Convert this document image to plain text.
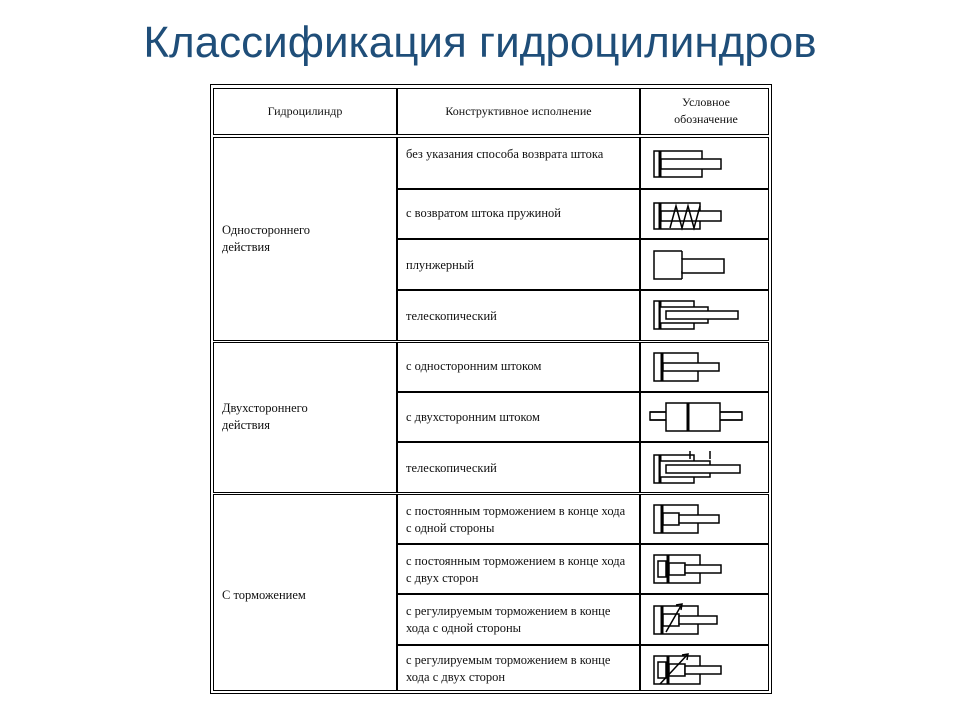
Классификация гидроцилиндров
Гидроцилиндр	Конструктивное исполнение
Условное обозначение
Одностороннего действия
без указания способа возврата штока
с возвратом штока пружиной
плунжерный
телескопический
Двухстороннего действия
с односторонним штоком
с двухсторонним штоком
телескопический
С торможением
с постоянным торможением в конце хода с одной стороны
с постоянным торможением в конце хода с двух сторон
с регулируемым торможением в конце хода с одной стороны
с регулируемым торможением в конце хода с двух сторон
